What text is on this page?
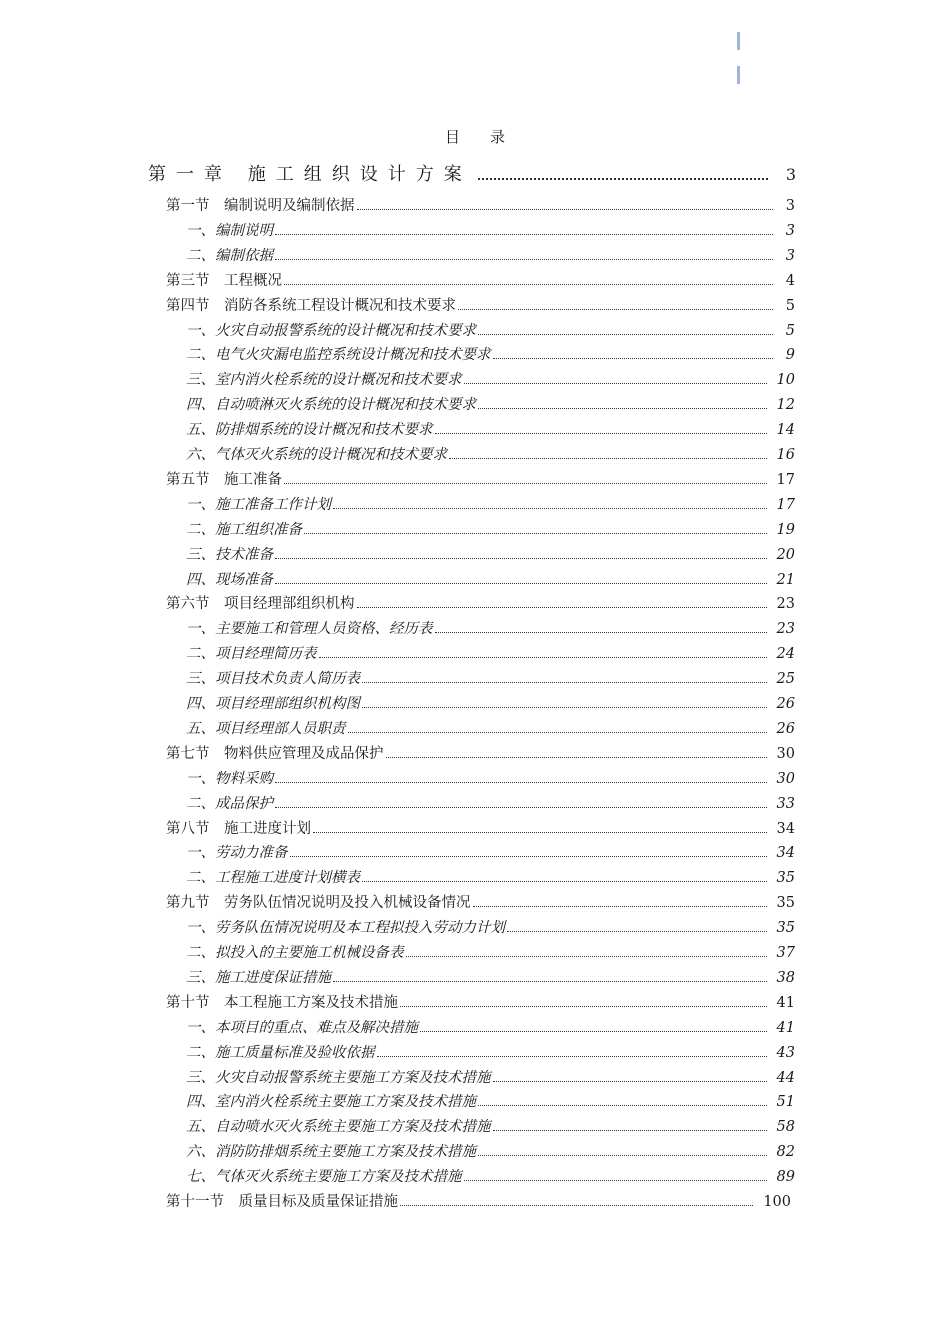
目录
第一章 施工组织设计方案	3
第一节　编制说明及编制依据	3
一、编制说明	3
二、编制依据	3
第三节　工程概况	4
第四节　消防各系统工程设计概况和技术要求	5
一、火灾自动报警系统的设计概况和技术要求	5
二、电气火灾漏电监控系统设计概况和技术要求	9
三、室内消火栓系统的设计概况和技术要求	10
四、自动喷淋灭火系统的设计概况和技术要求	12
五、防排烟系统的设计概况和技术要求	14
六、气体灭火系统的设计概况和技术要求	16
第五节　施工准备	17
一、施工准备工作计划	17
二、施工组织准备	19
三、技术准备	20
四、现场准备	21
第六节　项目经理部组织机构	23
一、主要施工和管理人员资格、经历表	23
二、项目经理简历表	24
三、项目技术负责人简历表	25
四、项目经理部组织机构图	26
五、项目经理部人员职责	26
第七节　物料供应管理及成品保护	30
一、物料采购	30
二、成品保护	33
第八节　施工进度计划	34
一、劳动力准备	34
二、工程施工进度计划横表	35
第九节　劳务队伍情况说明及投入机械设备情况	35
一、劳务队伍情况说明及本工程拟投入劳动力计划	35
二、拟投入的主要施工机械设备表	37
三、施工进度保证措施	38
第十节　本工程施工方案及技术措施	41
一、本项目的重点、难点及解决措施	41
二、施工质量标准及验收依据	43
三、火灾自动报警系统主要施工方案及技术措施	44
四、室内消火栓系统主要施工方案及技术措施	51
五、自动喷水灭火系统主要施工方案及技术措施	58
六、消防防排烟系统主要施工方案及技术措施	82
七、气体灭火系统主要施工方案及技术措施	89
第十一节　质量目标及质量保证措施	100
